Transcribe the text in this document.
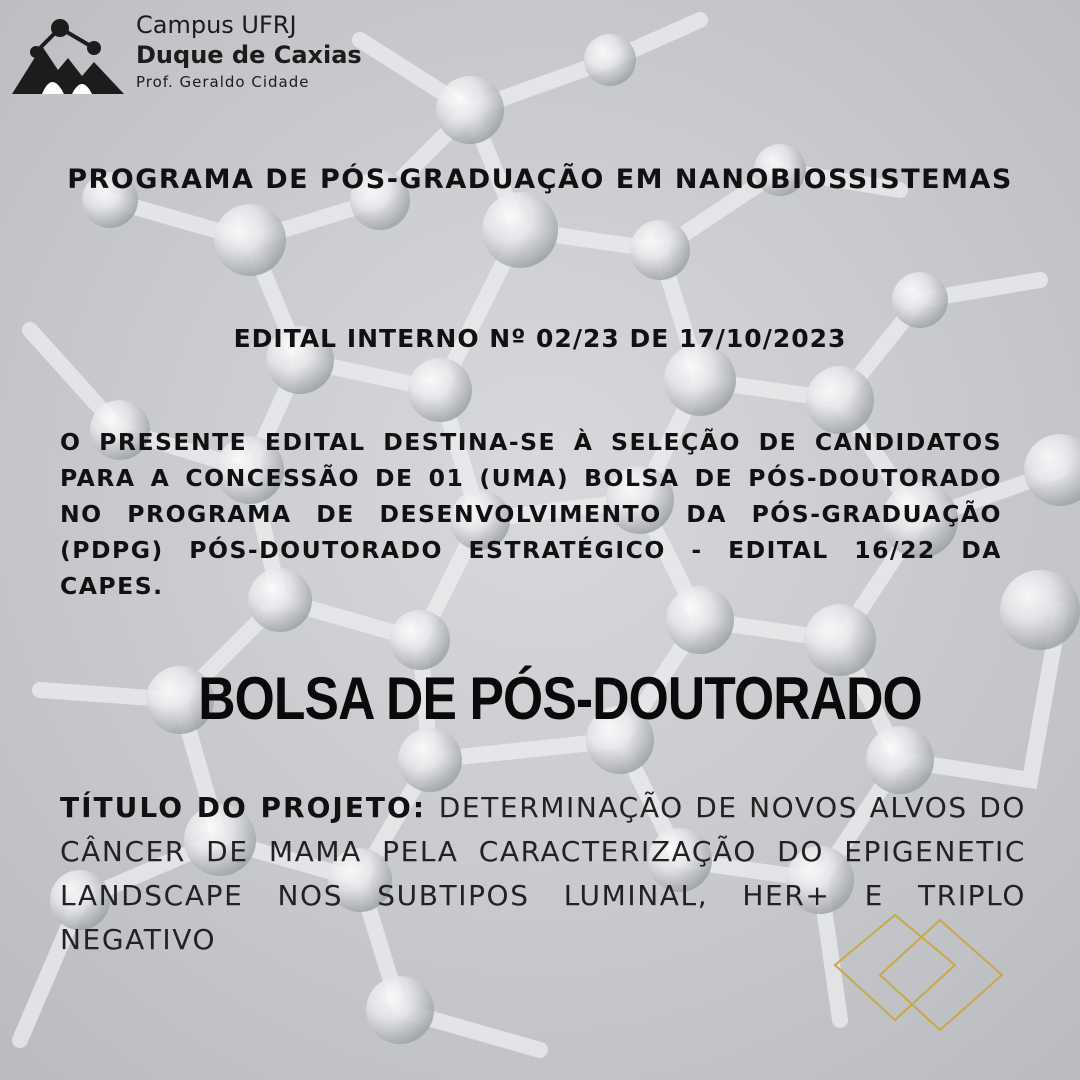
Campus UFRJ
Duque de Caxias
Prof. Geraldo Cidade
PROGRAMA DE PÓS-GRADUAÇÃO EM NANOBIOSSISTEMAS
EDITAL INTERNO Nº 02/23 DE 17/10/2023
O PRESENTE EDITAL DESTINA-SE À SELEÇÃO DE CANDIDATOS PARA A CONCESSÃO DE 01 (UMA) BOLSA DE PÓS-DOUTORADO NO PROGRAMA DE DESENVOLVIMENTO DA PÓS-GRADUAÇÃO (PDPG) PÓS-DOUTORADO ESTRATÉGICO - EDITAL 16/22 DA CAPES.
BOLSA DE PÓS-DOUTORADO
TÍTULO DO PROJETO: DETERMINAÇÃO DE NOVOS ALVOS DO CÂNCER DE MAMA PELA CARACTERIZAÇÃO DO EPIGENETIC LANDSCAPE NOS SUBTIPOS LUMINAL, HER+ E TRIPLO NEGATIVO
